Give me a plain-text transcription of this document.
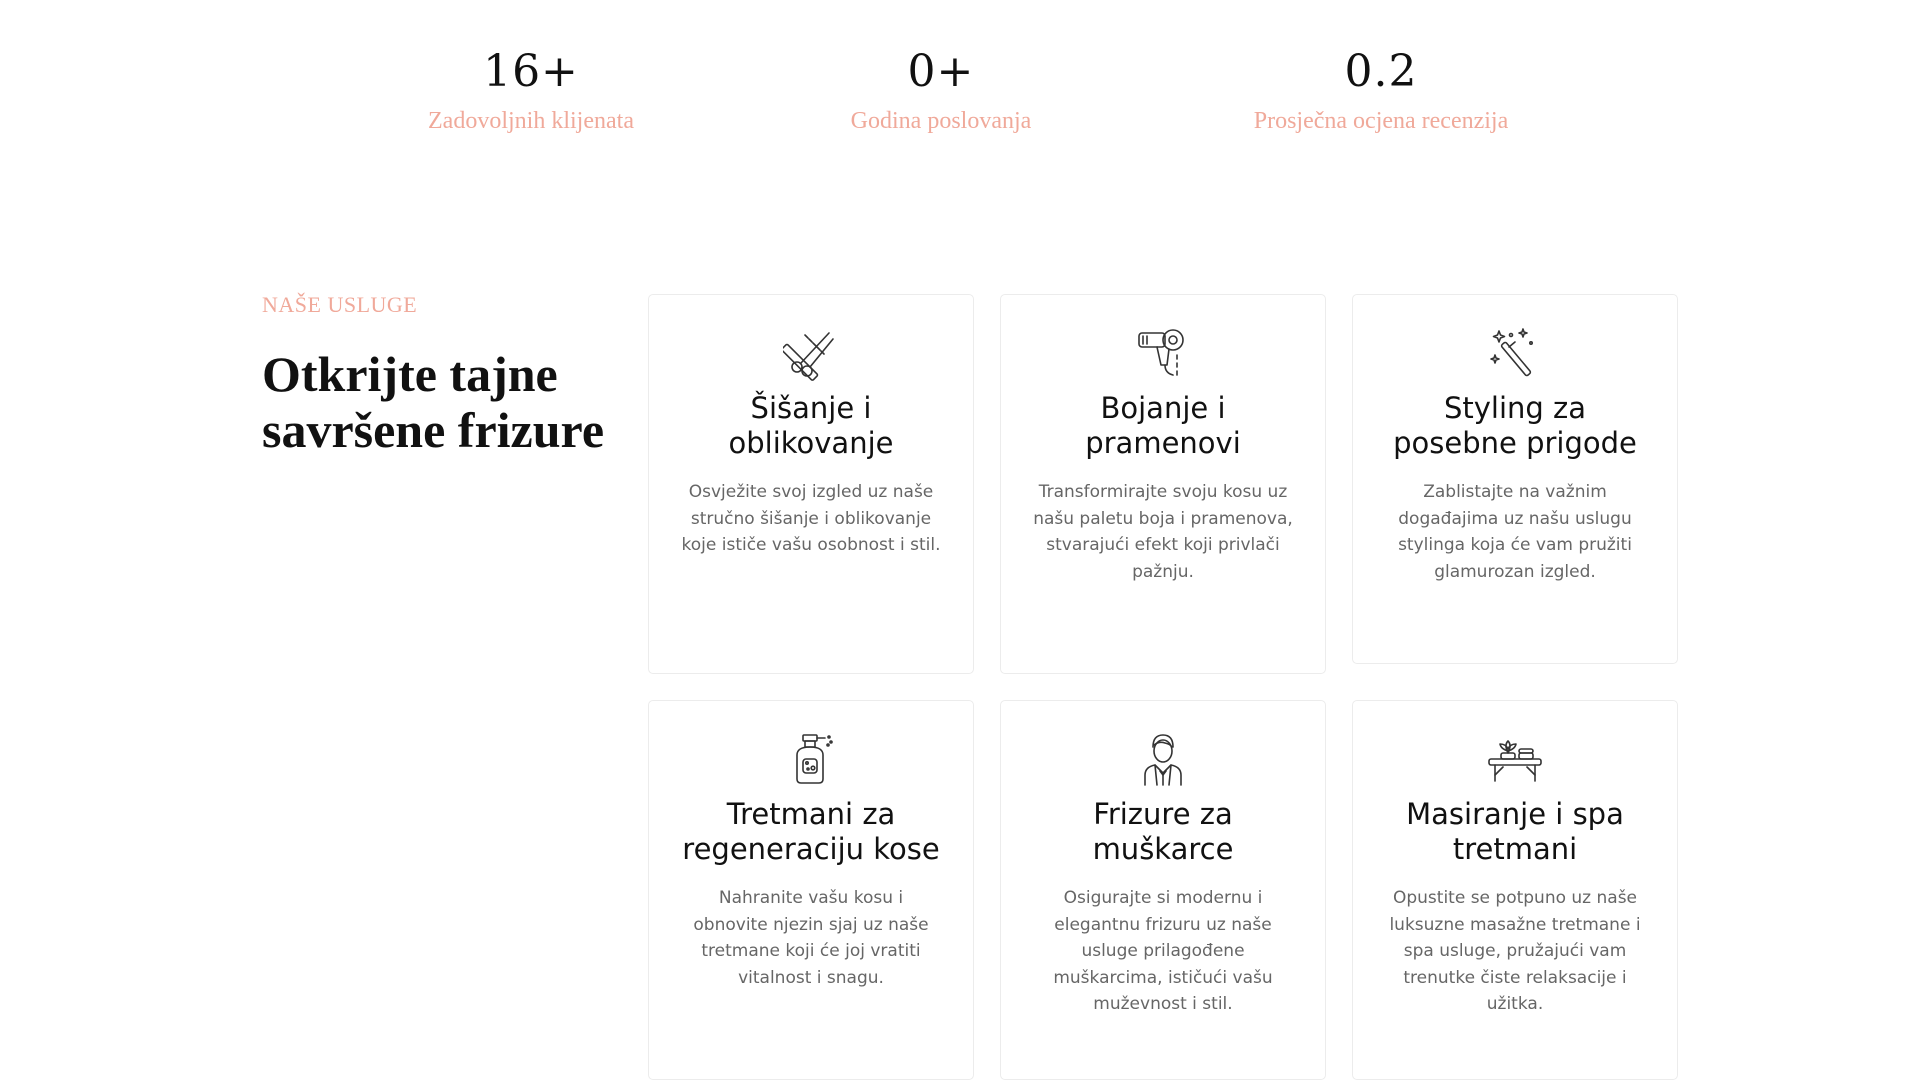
16+
Zadovoljnih klijenata
0+
Godina poslovanja
0.2
Prosječna ocjena recenzija
NAŠE USLUGE
Otkrijte tajne savršene frizure	Šišanje i oblikovanje
Osvježite svoj izgled uz naše stručno šišanje i oblikovanje koje ističe vašu osobnost i stil.
Bojanje i pramenovi
Transformirajte svoju kosu uz našu paletu boja i pramenova, stvarajući efekt koji privlači pažnju.
Styling za posebne prigode
Zablistajte na važnim događajima uz našu uslugu stylinga koja će vam pružiti glamurozan izgled.
Tretmani za regeneraciju kose
Nahranite vašu kosu i obnovite njezin sjaj uz naše tretmane koji će joj vratiti vitalnost i snagu.
Frizure za muškarce
Osigurajte si modernu i elegantnu frizuru uz naše usluge prilagođene muškarcima, ističući vašu muževnost i stil.
Masiranje i spa tretmani
Opustite se potpuno uz naše luksuzne masažne tretmane i spa usluge, pružajući vam trenutke čiste relaksacije i užitka.
